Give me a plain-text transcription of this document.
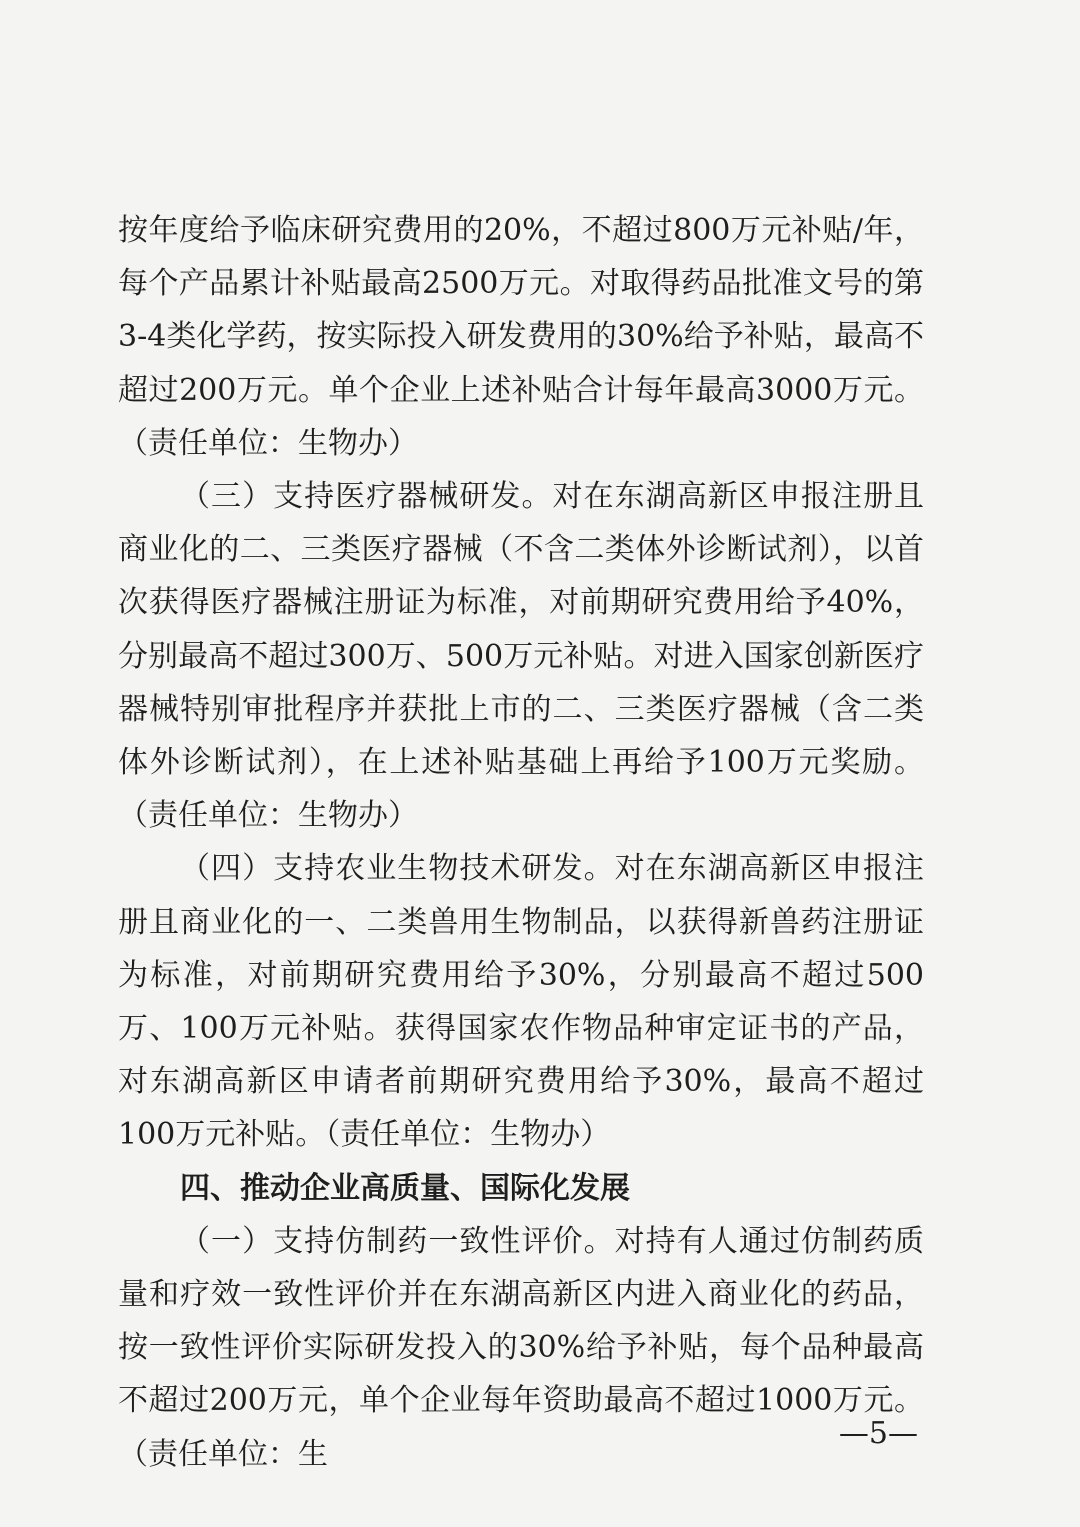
按年度给予临床研究费用的20%，不超过800万元补贴/年，每个产品累计补贴最高2500万元。对取得药品批准文号的第3-4类化学药，按实际投入研发费用的30%给予补贴，最高不超过200万元。单个企业上述补贴合计每年最高3000万元。（责任单位：生物办）

（三）支持医疗器械研发。对在东湖高新区申报注册且商业化的二、三类医疗器械（不含二类体外诊断试剂），以首次获得医疗器械注册证为标准，对前期研究费用给予40%，分别最高不超过300万、500万元补贴。对进入国家创新医疗器械特别审批程序并获批上市的二、三类医疗器械（含二类体外诊断试剂），在上述补贴基础上再给予100万元奖励。（责任单位：生物办）

（四）支持农业生物技术研发。对在东湖高新区申报注册且商业化的一、二类兽用生物制品，以获得新兽药注册证为标准，对前期研究费用给予30%，分别最高不超过500万、100万元补贴。获得国家农作物品种审定证书的产品，对东湖高新区申请者前期研究费用给予30%，最高不超过100万元补贴。（责任单位：生物办）

四、推动企业高质量、国际化发展

（一）支持仿制药一致性评价。对持有人通过仿制药质量和疗效一致性评价并在东湖高新区内进入商业化的药品，按一致性评价实际研发投入的30%给予补贴，每个品种最高不超过200万元，单个企业每年资助最高不超过1000万元。（责任单位：生

—5—
